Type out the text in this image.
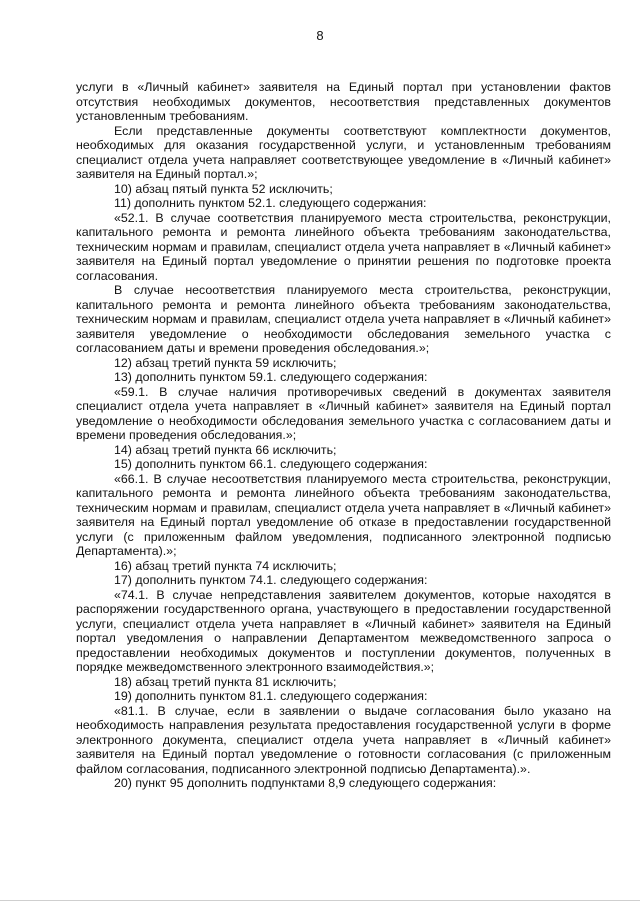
8

услуги в «Личный кабинет» заявителя на Единый портал при установлении фактов отсутствия необходимых документов, несоответствия представленных документов установленным требованиям.

Если представленные документы соответствуют комплектности документов, необходимых для оказания государственной услуги, и установленным требованиям специалист отдела учета направляет соответствующее уведомление в «Личный кабинет» заявителя на Единый портал.»;

10) абзац пятый пункта 52 исключить;

11) дополнить пунктом 52.1. следующего содержания:

«52.1. В случае соответствия планируемого места строительства, реконструкции, капитального ремонта и ремонта линейного объекта требованиям законодательства, техническим нормам и правилам, специалист отдела учета направляет в «Личный кабинет» заявителя на Единый портал уведомление о принятии решения по подготовке проекта согласования.

В случае несоответствия планируемого места строительства, реконструкции, капитального ремонта и ремонта линейного объекта требованиям законодательства, техническим нормам и правилам, специалист отдела учета направляет в «Личный кабинет» заявителя уведомление о необходимости обследования земельного участка с согласованием даты и времени проведения обследования.»;

12) абзац третий пункта 59 исключить;

13) дополнить пунктом 59.1. следующего содержания:

«59.1. В случае наличия противоречивых сведений в документах заявителя специалист отдела учета направляет в «Личный кабинет» заявителя на Единый портал уведомление о необходимости обследования земельного участка с согласованием даты и времени проведения обследования.»;

14) абзац третий пункта 66 исключить;

15) дополнить пунктом 66.1. следующего содержания:

«66.1. В случае несоответствия планируемого места строительства, реконструкции, капитального ремонта и ремонта линейного объекта требованиям законодательства, техническим нормам и правилам, специалист отдела учета направляет в «Личный кабинет» заявителя на Единый портал уведомление об отказе в предоставлении государственной услуги (с приложенным файлом уведомления, подписанного электронной подписью Департамента).»;

16) абзац третий пункта 74 исключить;

17) дополнить пунктом 74.1. следующего содержания:

«74.1. В случае непредставления заявителем документов, которые находятся в распоряжении государственного органа, участвующего в предоставлении государственной услуги, специалист отдела учета направляет в «Личный кабинет» заявителя на Единый портал уведомления о направлении Департаментом межведомственного запроса о предоставлении необходимых документов и поступлении документов, полученных в порядке межведомственного электронного взаимодействия.»;

18) абзац третий пункта 81 исключить;

19) дополнить пунктом 81.1. следующего содержания:

«81.1. В случае, если в заявлении о выдаче согласования было указано на необходимость направления результата предоставления государственной услуги в форме электронного документа, специалист отдела учета направляет в «Личный кабинет» заявителя на Единый портал уведомление о готовности согласования (с приложенным файлом согласования, подписанного электронной подписью Департамента).».

20) пункт 95 дополнить подпунктами 8,9 следующего содержания:
